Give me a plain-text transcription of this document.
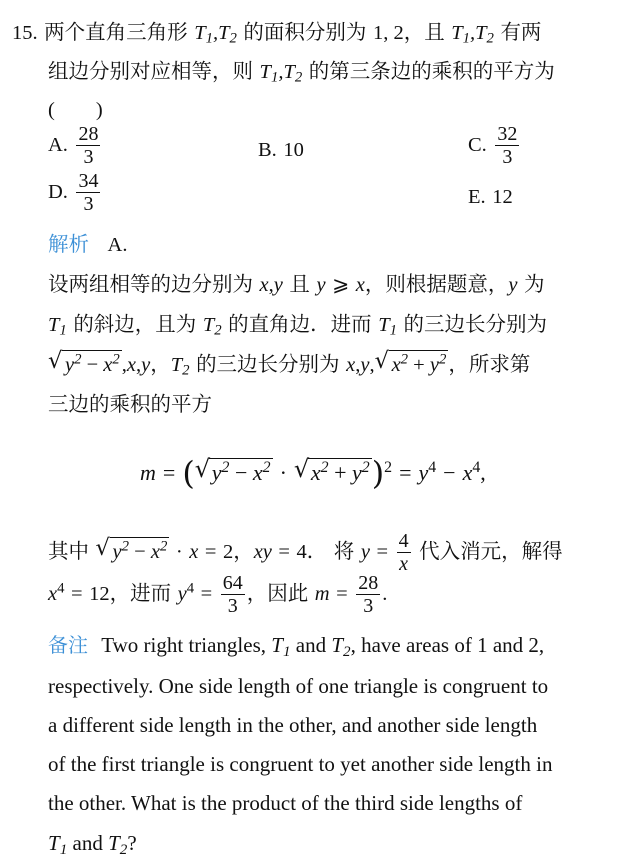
15. 两个直角三角形 $T_1,T_2$ 的面积分别为 1, 2，且 $T_1,T_2$ 有两
组边分别对应相等，则 $T_1,T_2$ 的第三条边的乘积的平方为
(        )
A. $\frac{28}{3}$	B. 10	C. $\frac{32}{3}$
D. $\frac{34}{3}$	E. 12
解析 A.
设两组相等的边分别为 x,y 且 y ⩾ x，则根据题意，y 为
$T_1$ 的斜边，且为 $T_2$ 的直角边．进而 $T_1$ 的三边长分别为
√ $y^2 - x^2,x,y$，$T_2$ 的三边长分别为 x,y, √ $x^2 + y^2$，所求第
三边的乘积的平方
m = ( √ $y^2 - x^2$ · √ $x^2 + y^2)^2 = y^4 - x^4$,
其中 √ $y^2 - x^2 \cdot x = 2$，xy = 4． 将 $y = \frac{4}{x}$ 代入消元，解得
$x^4 = 12$，进而 $y^4 = \frac{64}{3}$ ，因此 $m = \frac{28}{3}$ .
备注 Two right triangles, $T_1$ and $T_2$, have areas of 1 and 2,
respectively. One side length of one triangle is congruent to
a different side length in the other, and another side length
of the first triangle is congruent to yet another side length in
the other. What is the product of the third side lengths of
$T_1$ and $T_2$?
